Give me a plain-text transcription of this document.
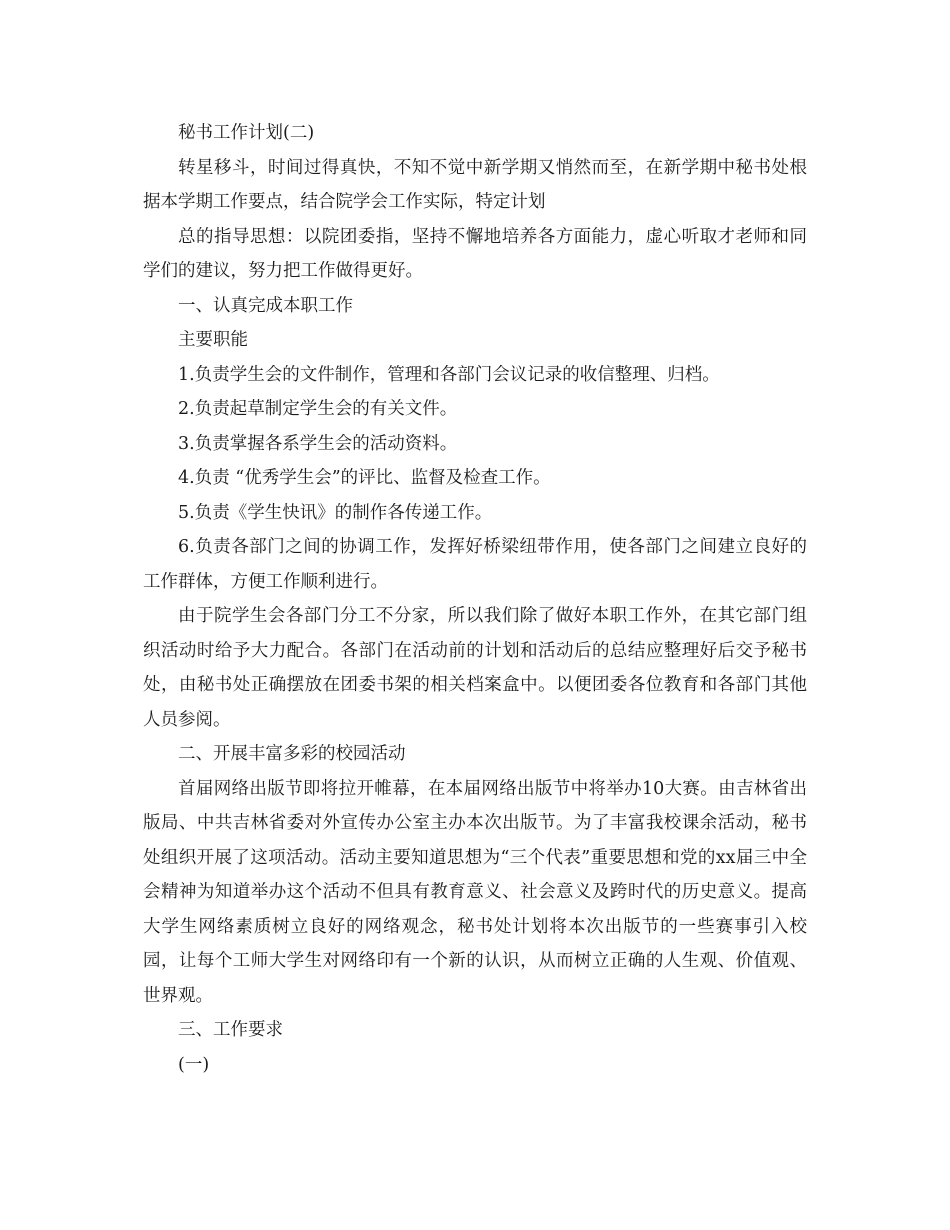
秘书工作计划(二)

转星移斗，时间过得真快，不知不觉中新学期又悄然而至，在新学期中秘书处根据本学期工作要点，结合院学会工作实际，特定计划

总的指导思想：以院团委指，坚持不懈地培养各方面能力，虚心听取才老师和同学们的建议，努力把工作做得更好。

一、认真完成本职工作

主要职能

1.负责学生会的文件制作，管理和各部门会议记录的收信整理、归档。

2.负责起草制定学生会的有关文件。

3.负责掌握各系学生会的活动资料。

4.负责 “优秀学生会”的评比、监督及检查工作。

5.负责《学生快讯》的制作各传递工作。

6.负责各部门之间的协调工作，发挥好桥梁纽带作用，使各部门之间建立良好的工作群体，方便工作顺利进行。

由于院学生会各部门分工不分家，所以我们除了做好本职工作外，在其它部门组织活动时给予大力配合。各部门在活动前的计划和活动后的总结应整理好后交予秘书处，由秘书处正确摆放在团委书架的相关档案盒中。以便团委各位教育和各部门其他人员参阅。

二、开展丰富多彩的校园活动

首届网络出版节即将拉开帷幕，在本届网络出版节中将举办10大赛。由吉林省出版局、中共吉林省委对外宣传办公室主办本次出版节。为了丰富我校课余活动，秘书处组织开展了这项活动。活动主要知道思想为“三个代表”重要思想和党的xx届三中全会精神为知道举办这个活动不但具有教育意义、社会意义及跨时代的历史意义。提高大学生网络素质树立良好的网络观念，秘书处计划将本次出版节的一些赛事引入校园，让每个工师大学生对网络印有一个新的认识，从而树立正确的人生观、价值观、世界观。

三、工作要求

(一)
